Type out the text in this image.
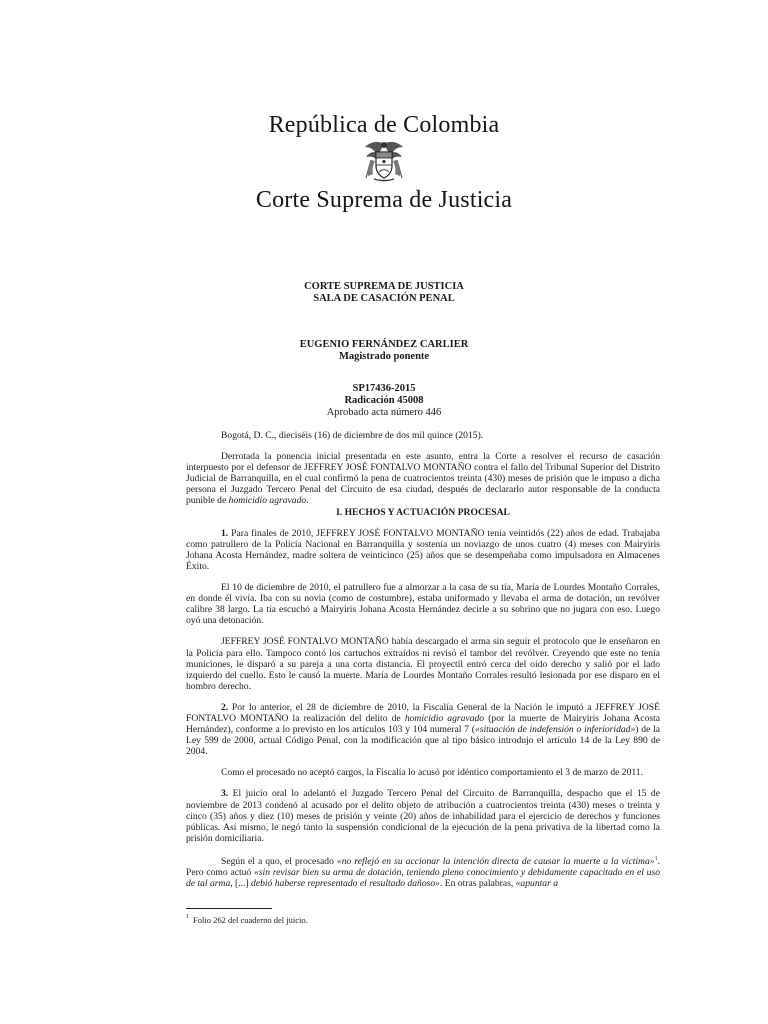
República de Colombia
Corte Suprema de Justicia
CORTE SUPREMA DE JUSTICIA
SALA DE CASACIÓN PENAL
EUGENIO FERNÁNDEZ CARLIER
Magistrado ponente
SP17436-2015
Radicación 45008
Aprobado acta número 446

Bogotá, D. C., dieciséis (16) de diciembre de dos mil quince (2015).

Derrotada la ponencia inicial presentada en este asunto, entra la Corte a resolver el recurso de casación interpuesto por el defensor de JEFFREY JOSÉ FONTALVO MONTAÑO contra el fallo del Tribunal Superior del Distrito Judicial de Barranquilla, en el cual confirmó la pena de cuatrocientos treinta (430) meses de prisión que le impuso a dicha persona el Juzgado Tercero Penal del Circuito de esa ciudad, después de declararlo autor responsable de la conducta punible de homicidio agravado.

I. HECHOS Y ACTUACIÓN PROCESAL

1. Para finales de 2010, JEFFREY JOSÉ FONTALVO MONTAÑO tenía veintidós (22) años de edad. Trabajaba como patrullero de la Policía Nacional en Barranquilla y sostenía un noviazgo de unos cuatro (4) meses con Mairyiris Johana Acosta Hernández, madre soltera de veinticinco (25) años que se desempeñaba como impulsadora en Almacenes Éxito.

El 10 de diciembre de 2010, el patrullero fue a almorzar a la casa de su tía, María de Lourdes Montaño Corrales, en donde él vivía. Iba con su novia (como de costumbre), estaba uniformado y llevaba el arma de dotación, un revólver calibre 38 largo. La tía escuchó a Mairyiris Johana Acosta Hernández decirle a su sobrino que no jugara con eso. Luego oyó una detonación.

JEFFREY JOSÉ FONTALVO MONTAÑO había descargado el arma sin seguir el protocolo que le enseñaron en la Policía para ello. Tampoco contó los cartuchos extraídos ni revisó el tambor del revólver. Creyendo que este no tenía municiones, le disparó a su pareja a una corta distancia. El proyectil entró cerca del oído derecho y salió por el lado izquierdo del cuello. Esto le causó la muerte. María de Lourdes Montaño Corrales resultó lesionada por ese disparo en el hombro derecho.

2. Por lo anterior, el 28 de diciembre de 2010, la Fiscalía General de la Nación le imputó a JEFFREY JOSÉ FONTALVO MONTAÑO la realización del delito de homicidio agravado (por la muerte de Mairyiris Johana Acosta Hernández), conforme a lo previsto en los artículos 103 y 104 numeral 7 («situación de indefensión o inferioridad») de la Ley 599 de 2000, actual Código Penal, con la modificación que al tipo básico introdujo el artículo 14 de la Ley 890 de 2004.

Como el procesado no aceptó cargos, la Fiscalía lo acusó por idéntico comportamiento el 3 de marzo de 2011.

3. El juicio oral lo adelantó el Juzgado Tercero Penal del Circuito de Barranquilla, despacho que el 15 de noviembre de 2013 condenó al acusado por el delito objeto de atribución a cuatrocientos treinta (430) meses o treinta y cinco (35) años y diez (10) meses de prisión y veinte (20) años de inhabilidad para el ejercicio de derechos y funciones públicas. Así mismo, le negó tanto la suspensión condicional de la ejecución de la pena privativa de la libertad como la prisión domiciliaria.

Según el a quo, el procesado «no reflejó en su accionar la intención directa de causar la muerte a la víctima»$^1$. Pero como actuó «sin revisar bien su arma de dotación, teniendo pleno conocimiento y debidamente capacitado en el uso de tal arma, [...] debió haberse representado el resultado dañoso». En otras palabras, «apuntar a

$^1$ Folio 262 del cuaderno del juicio.
